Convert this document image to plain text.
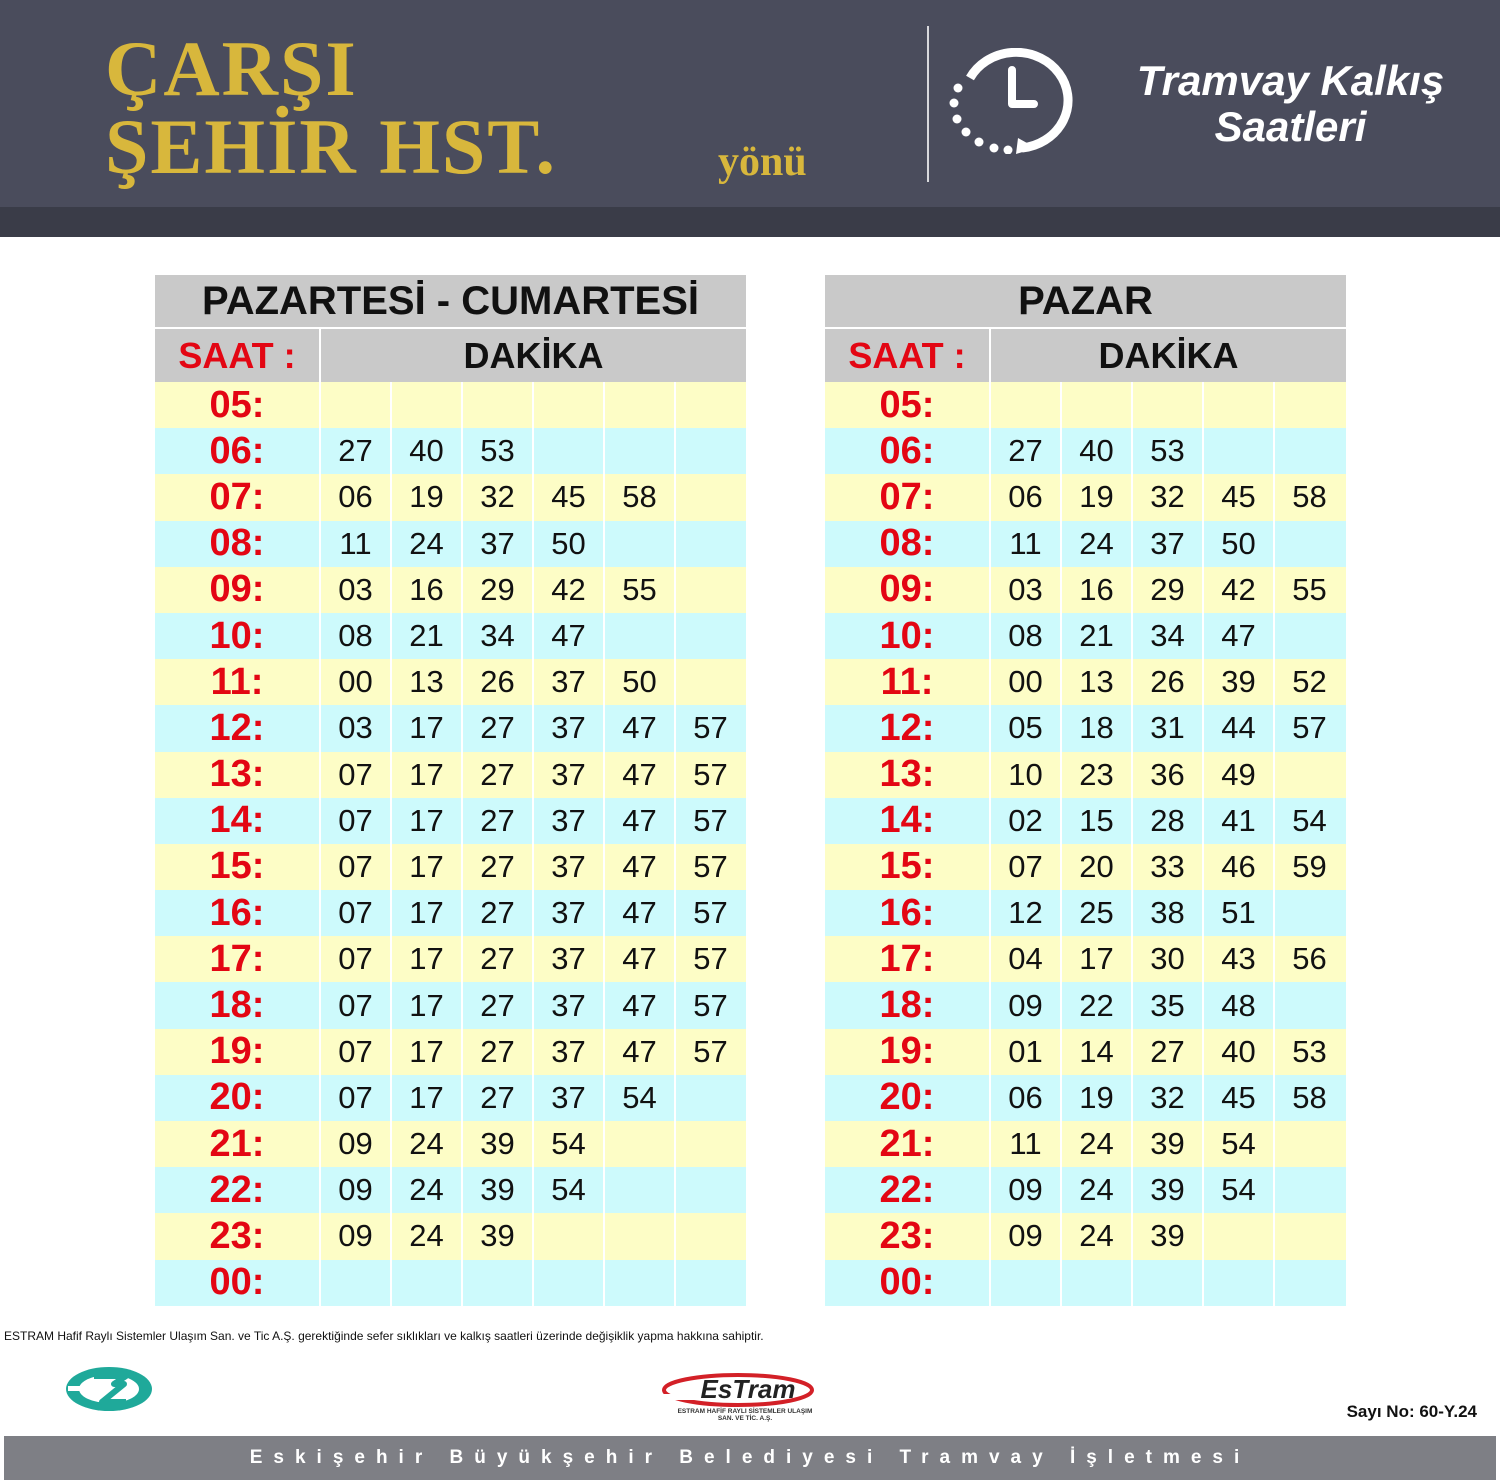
ÇARŞI
ŞEHİR HST.	yönü
Tramvay Kalkış
Saatleri
PAZARTESİ - CUMARTESİ
SAAT :	DAKİKA
05:
06:	27	40	53
07:	06	19	32	45	58
08:	11	24	37	50
09:	03	16	29	42	55
10:	08	21	34	47
11:	00	13	26	37	50
12:	03	17	27	37	47	57
13:	07	17	27	37	47	57
14:	07	17	27	37	47	57
15:	07	17	27	37	47	57
16:	07	17	27	37	47	57
17:	07	17	27	37	47	57
18:	07	17	27	37	47	57
19:	07	17	27	37	47	57
20:	07	17	27	37	54
21:	09	24	39	54
22:	09	24	39	54
23:	09	24	39
00:
PAZAR
SAAT :	DAKİKA
05:
06:	27	40	53
07:	06	19	32	45	58
08:	11	24	37	50
09:	03	16	29	42	55
10:	08	21	34	47
11:	00	13	26	39	52
12:	05	18	31	44	57
13:	10	23	36	49
14:	02	15	28	41	54
15:	07	20	33	46	59
16:	12	25	38	51
17:	04	17	30	43	56
18:	09	22	35	48
19:	01	14	27	40	53
20:	06	19	32	45	58
21:	11	24	39	54
22:	09	24	39	54
23:	09	24	39
00:
ESTRAM Hafif Raylı Sistemler Ulaşım San. ve Tic A.Ş. gerektiğinde sefer sıklıkları ve kalkış saatleri üzerinde değişiklik yapma hakkına sahiptir.
EsTram
ESTRAM HAFİF RAYLI SİSTEMLER ULAŞIM
SAN. VE TİC. A.Ş.	Sayı No: 60-Y.24
Eskişehir Büyükşehir Belediyesi Tramvay İşletmesi
